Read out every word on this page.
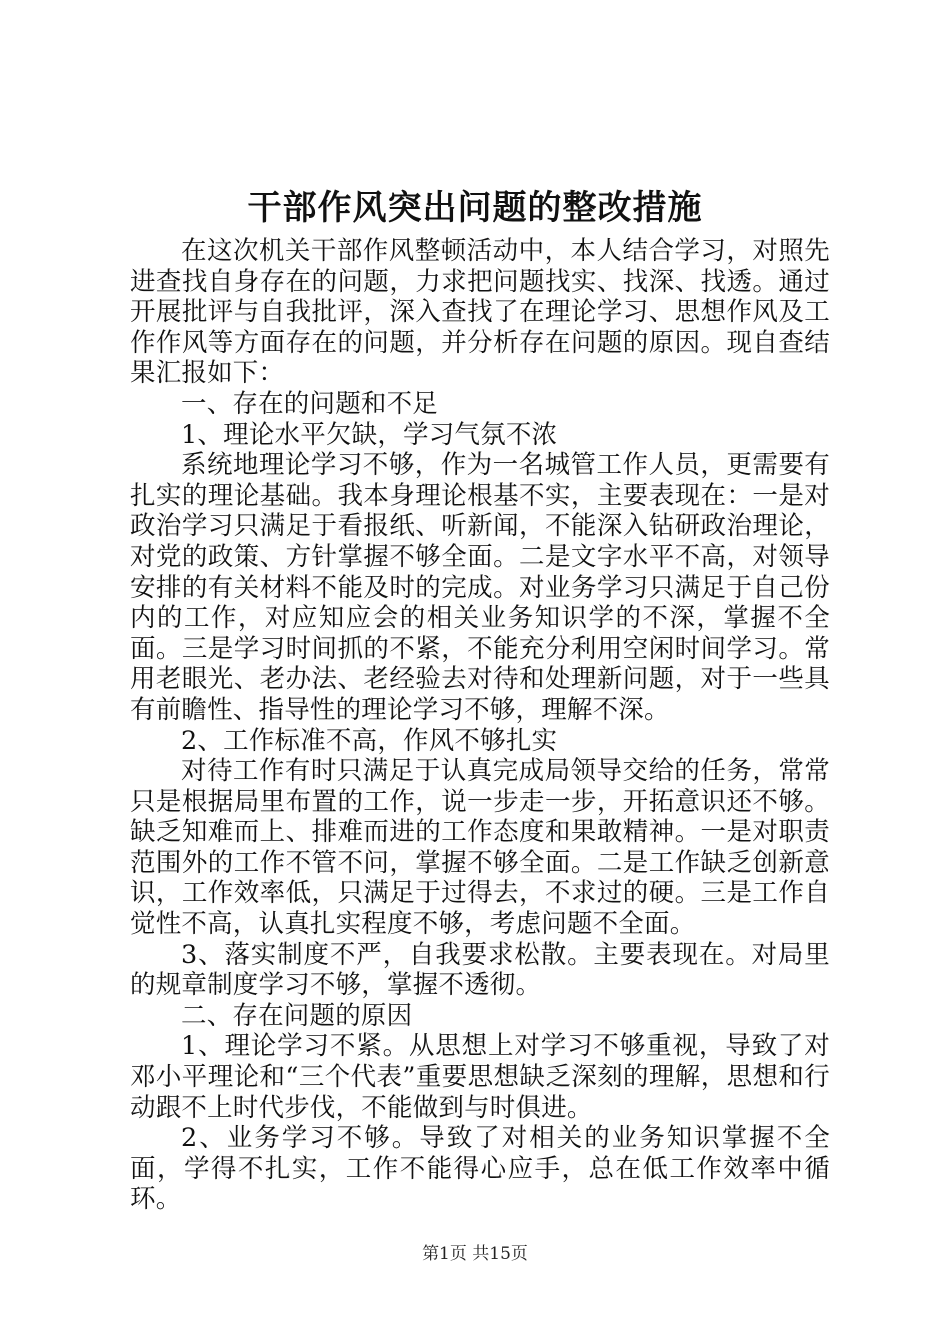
干部作风突出问题的整改措施

在这次机关干部作风整顿活动中，本人结合学习，对照先进查找自身存在的问题，力求把问题找实、找深、找透。通过开展批评与自我批评，深入查找了在理论学习、思想作风及工作作风等方面存在的问题，并分析存在问题的原因。现自查结果汇报如下：

一、存在的问题和不足

1、理论水平欠缺，学习气氛不浓

系统地理论学习不够，作为一名城管工作人员，更需要有扎实的理论基础。我本身理论根基不实，主要表现在：一是对政治学习只满足于看报纸、听新闻，不能深入钻研政治理论，对党的政策、方针掌握不够全面。二是文字水平不高，对领导安排的有关材料不能及时的完成。对业务学习只满足于自己份内的工作，对应知应会的相关业务知识学的不深，掌握不全面。三是学习时间抓的不紧，不能充分利用空闲时间学习。常用老眼光、老办法、老经验去对待和处理新问题，对于一些具有前瞻性、指导性的理论学习不够，理解不深。

2、工作标准不高，作风不够扎实

对待工作有时只满足于认真完成局领导交给的任务，常常只是根据局里布置的工作，说一步走一步，开拓意识还不够。缺乏知难而上、排难而进的工作态度和果敢精神。一是对职责范围外的工作不管不问，掌握不够全面。二是工作缺乏创新意识，工作效率低，只满足于过得去，不求过的硬。三是工作自觉性不高，认真扎实程度不够，考虑问题不全面。

3、落实制度不严，自我要求松散。主要表现在。对局里的规章制度学习不够，掌握不透彻。

二、存在问题的原因

1、理论学习不紧。从思想上对学习不够重视，导致了对邓小平理论和“三个代表”重要思想缺乏深刻的理解，思想和行动跟不上时代步伐，不能做到与时俱进。

2、业务学习不够。导致了对相关的业务知识掌握不全面，学得不扎实，工作不能得心应手，总在低工作效率中循环。

第1页 共15页
